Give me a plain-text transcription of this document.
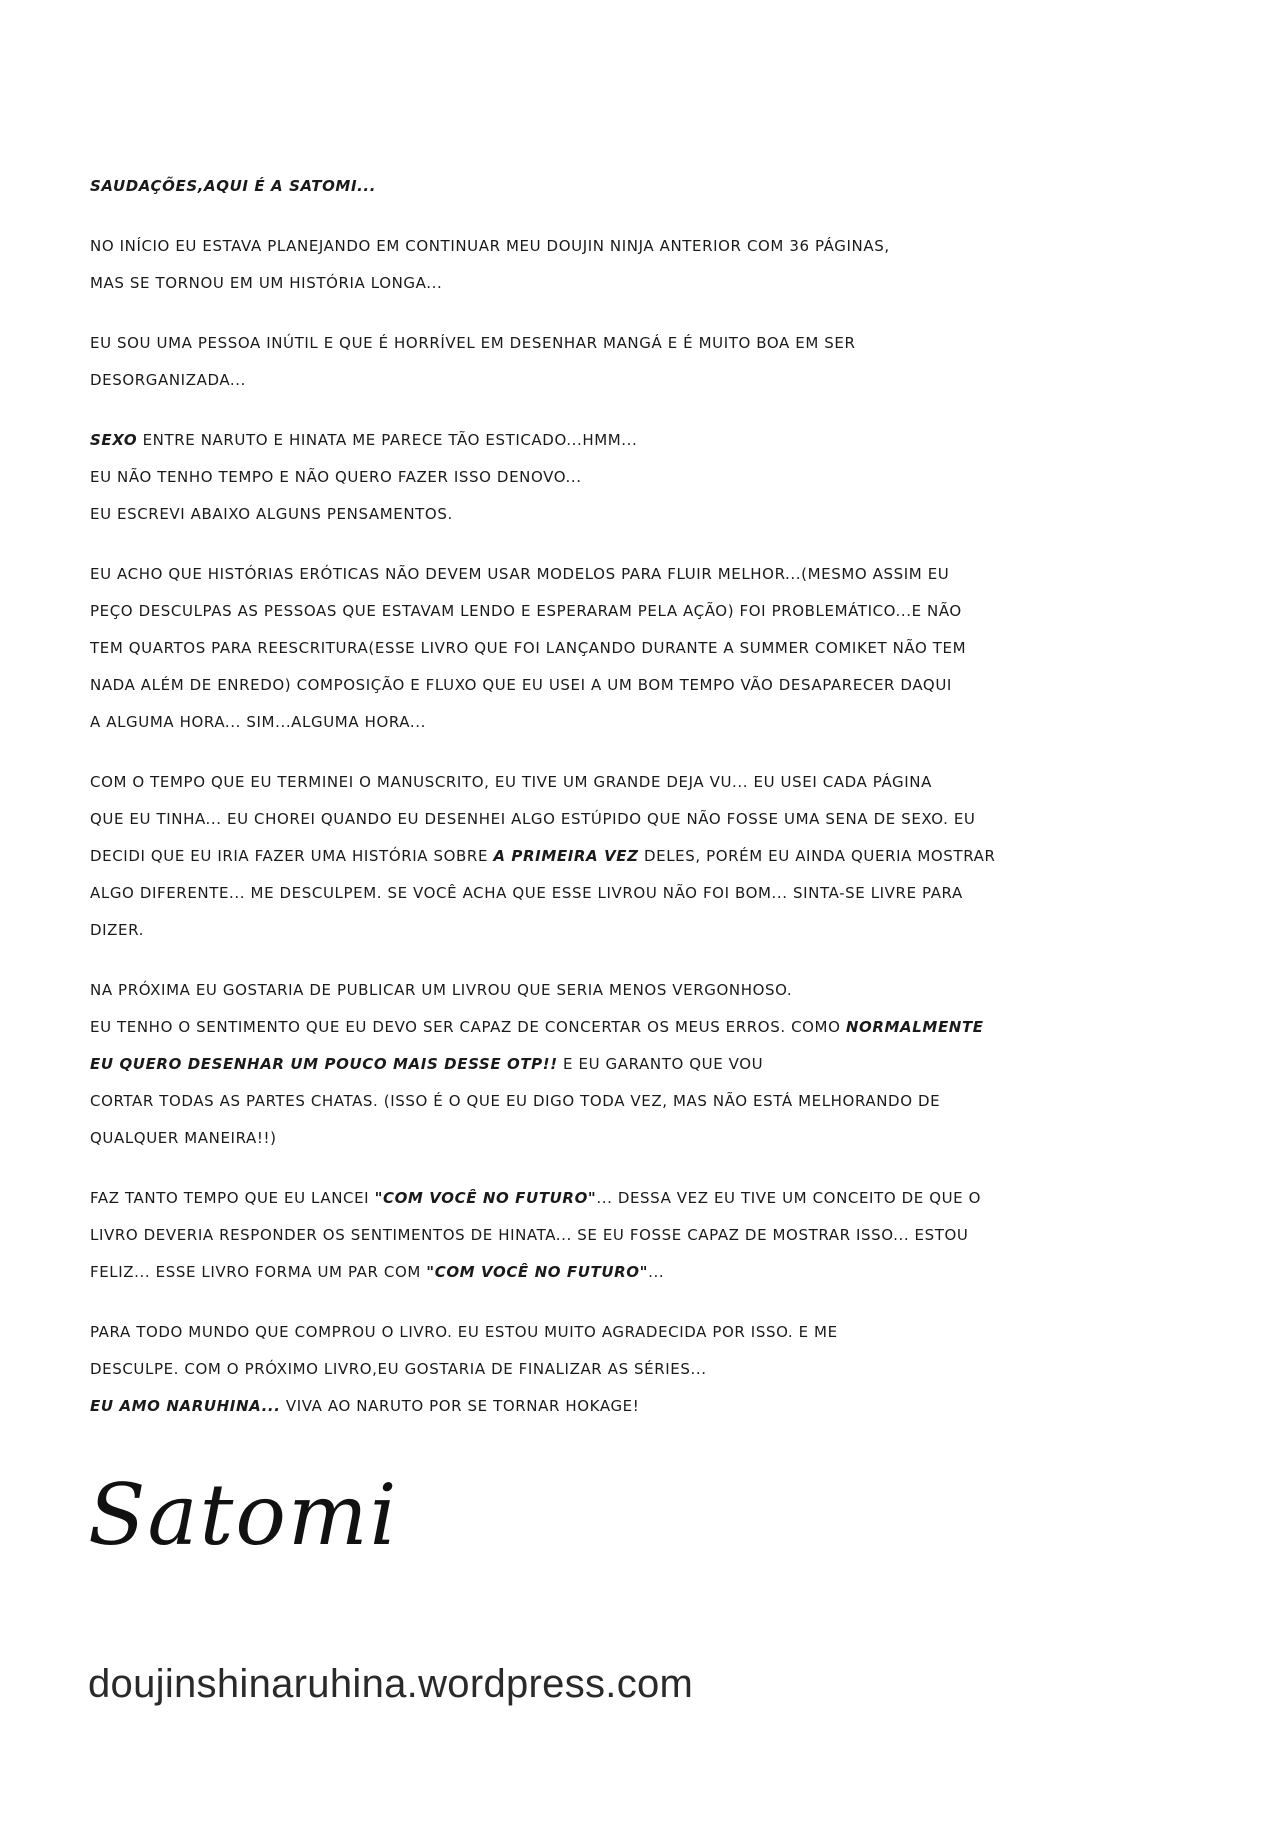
SAUDAÇÕES,AQUI É A SATOMI...
NO INÍCIO EU ESTAVA PLANEJANDO EM CONTINUAR MEU DOUJIN NINJA ANTERIOR COM 36 PÁGINAS,
MAS SE TORNOU EM UM HISTÓRIA LONGA...
EU SOU UMA PESSOA INÚTIL E QUE É HORRÍVEL EM DESENHAR MANGÁ E É MUITO BOA EM SER
DESORGANIZADA...
SEXO ENTRE NARUTO E HINATA ME PARECE TÃO ESTICADO...HMM...
EU NÃO TENHO TEMPO E NÃO QUERO FAZER ISSO DENOVO...
EU ESCREVI ABAIXO ALGUNS PENSAMENTOS.
EU ACHO QUE HISTÓRIAS ERÓTICAS NÃO DEVEM USAR MODELOS PARA FLUIR MELHOR...(MESMO ASSIM EU
PEÇO DESCULPAS AS PESSOAS QUE ESTAVAM LENDO E ESPERARAM PELA AÇÃO) FOI PROBLEMÁTICO...E NÃO
TEM QUARTOS PARA REESCRITURA(ESSE LIVRO QUE FOI LANÇANDO DURANTE A SUMMER COMIKET NÃO TEM
NADA ALÉM DE ENREDO) COMPOSIÇÃO E FLUXO QUE EU USEI A UM BOM TEMPO VÃO DESAPARECER DAQUI
A ALGUMA HORA... SIM...ALGUMA HORA...
COM O TEMPO QUE EU TERMINEI O MANUSCRITO, EU TIVE UM GRANDE DEJA VU... EU USEI CADA PÁGINA
QUE EU TINHA... EU CHOREI QUANDO EU DESENHEI ALGO ESTÚPIDO QUE NÃO FOSSE UMA SENA DE SEXO. EU
DECIDI QUE EU IRIA FAZER UMA HISTÓRIA SOBRE A PRIMEIRA VEZ DELES, PORÉM EU AINDA QUERIA MOSTRAR
ALGO DIFERENTE... ME DESCULPEM. SE VOCÊ ACHA QUE ESSE LIVROU NÃO FOI BOM... SINTA-SE LIVRE PARA
DIZER.
NA PRÓXIMA EU GOSTARIA DE PUBLICAR UM LIVROU QUE SERIA MENOS VERGONHOSO.
EU TENHO O SENTIMENTO QUE EU DEVO SER CAPAZ DE CONCERTAR OS MEUS ERROS. COMO NORMALMENTE
EU QUERO DESENHAR UM POUCO MAIS DESSE OTP!! E EU GARANTO QUE VOU
CORTAR TODAS AS PARTES CHATAS. (ISSO É O QUE EU DIGO TODA VEZ, MAS NÃO ESTÁ MELHORANDO DE
QUALQUER MANEIRA!!)
FAZ TANTO TEMPO QUE EU LANCEI "COM VOCÊ NO FUTURO"... DESSA VEZ EU TIVE UM CONCEITO DE QUE O
LIVRO DEVERIA RESPONDER OS SENTIMENTOS DE HINATA... SE EU FOSSE CAPAZ DE MOSTRAR ISSO... ESTOU
FELIZ... ESSE LIVRO FORMA UM PAR COM "COM VOCÊ NO FUTURO"...
PARA TODO MUNDO QUE COMPROU O LIVRO. EU ESTOU MUITO AGRADECIDA POR ISSO. E ME
DESCULPE. COM O PRÓXIMO LIVRO,EU GOSTARIA DE FINALIZAR AS SÉRIES...
EU AMO NARUHINA... VIVA AO NARUTO POR SE TORNAR HOKAGE!
Satomi
doujinshinaruhina.wordpress.com
